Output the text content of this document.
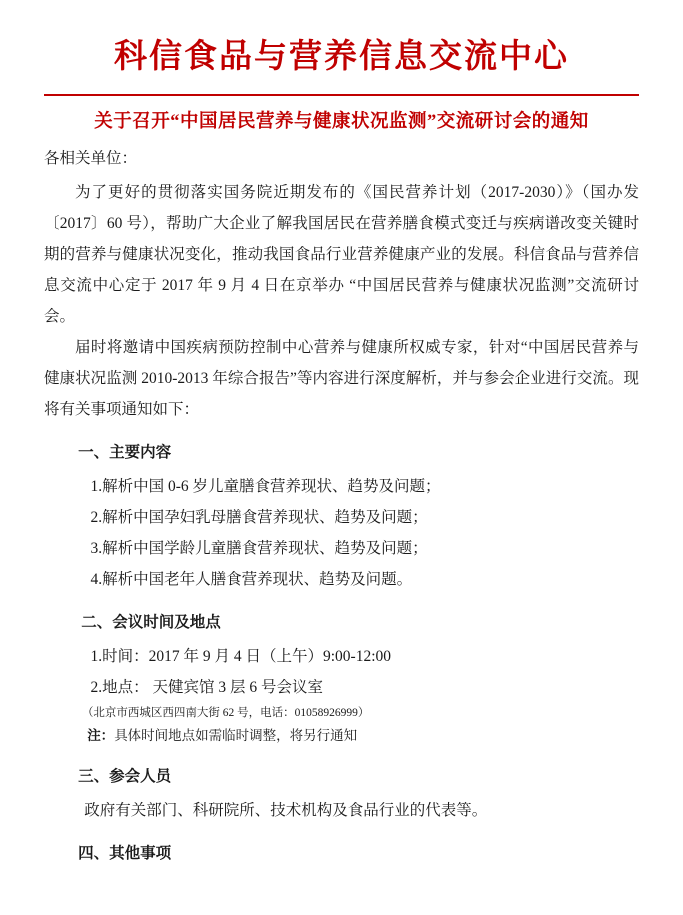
科信食品与营养信息交流中心
关于召开“中国居民营养与健康状况监测”交流研讨会的通知
各相关单位：

为了更好的贯彻落实国务院近期发布的《国民营养计划（2017-2030）》（国办发〔2017〕60 号），帮助广大企业了解我国居民在营养膳食模式变迁与疾病谱改变关键时期的营养与健康状况变化，推动我国食品行业营养健康产业的发展。科信食品与营养信息交流中心定于 2017 年 9 月 4 日在京举办 “中国居民营养与健康状况监测”交流研讨会。

届时将邀请中国疾病预防控制中心营养与健康所权威专家，针对“中国居民营养与健康状况监测 2010-2013 年综合报告”等内容进行深度解析，并与参会企业进行交流。现将有关事项通知如下：

一、主要内容
1.解析中国 0-6 岁儿童膳食营养现状、趋势及问题；
2.解析中国孕妇乳母膳食营养现状、趋势及问题；
3.解析中国学龄儿童膳食营养现状、趋势及问题；
4.解析中国老年人膳食营养现状、趋势及问题。
二、会议时间及地点
1.时间：2017 年 9 月 4 日（上午）9:00-12:00
2.地点： 天健宾馆 3 层 6 号会议室
（北京市西城区西四南大街 62 号，电话：01058926999）
注：具体时间地点如需临时调整，将另行通知
三、参会人员
政府有关部门、科研院所、技术机构及食品行业的代表等。
四、其他事项
